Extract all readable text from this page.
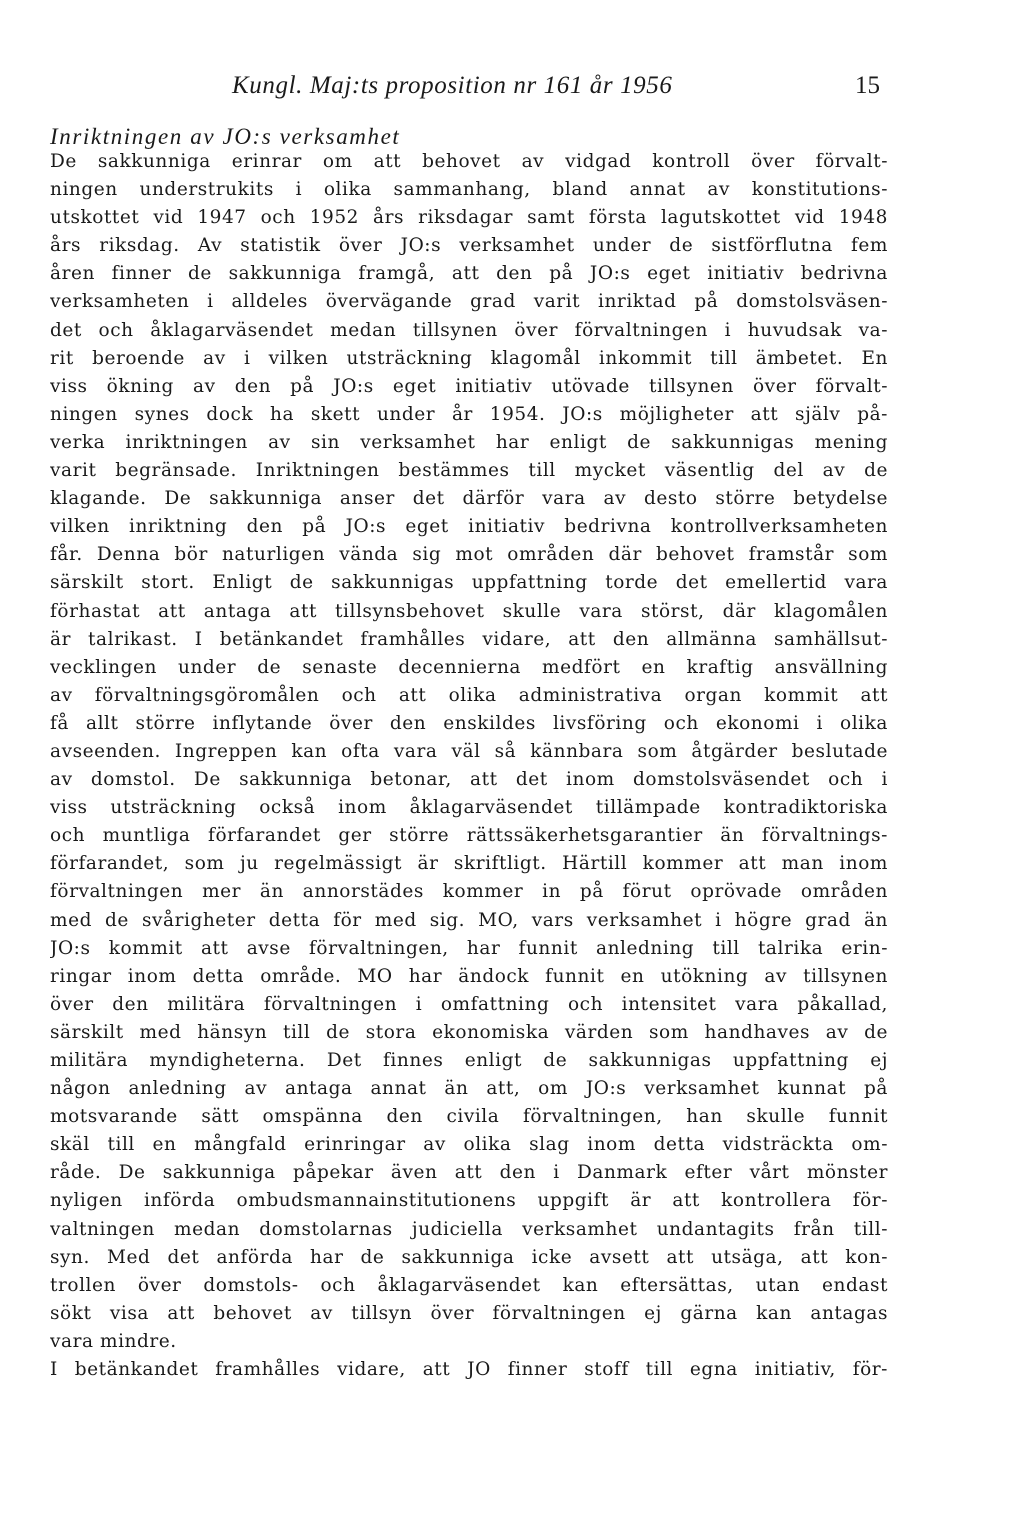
Kungl. Maj:ts proposition nr 161 år 1956	15
Inriktningen av JO:s verksamhet
De sakkunniga erinrar om att behovet av vidgad kontroll över förvalt-
ningen understrukits i olika sammanhang, bland annat av konstitutions-
utskottet vid 1947 och 1952 års riksdagar samt första lagutskottet vid 1948
års riksdag. Av statistik över JO:s verksamhet under de sistförflutna fem
åren finner de sakkunniga framgå, att den på JO:s eget initiativ bedrivna
verksamheten i alldeles övervägande grad varit inriktad på domstolsväsen-
det och åklagarväsendet medan tillsynen över förvaltningen i huvudsak va-
rit beroende av i vilken utsträckning klagomål inkommit till ämbetet. En
viss ökning av den på JO:s eget initiativ utövade tillsynen över förvalt-
ningen synes dock ha skett under år 1954. JO:s möjligheter att själv på-
verka inriktningen av sin verksamhet har enligt de sakkunnigas mening
varit begränsade. Inriktningen bestämmes till mycket väsentlig del av de
klagande. De sakkunniga anser det därför vara av desto större betydelse
vilken inriktning den på JO:s eget initiativ bedrivna kontrollverksamheten
får. Denna bör naturligen vända sig mot områden där behovet framstår som
särskilt stort. Enligt de sakkunnigas uppfattning torde det emellertid vara
förhastat att antaga att tillsynsbehovet skulle vara störst, där klagomålen
är talrikast. I betänkandet framhålles vidare, att den allmänna samhällsut-
vecklingen under de senaste decennierna medfört en kraftig ansvällning
av förvaltningsgöromålen och att olika administrativa organ kommit att
få allt större inflytande över den enskildes livsföring och ekonomi i olika
avseenden. Ingreppen kan ofta vara väl så kännbara som åtgärder beslutade
av domstol. De sakkunniga betonar, att det inom domstolsväsendet och i
viss utsträckning också inom åklagarväsendet tillämpade kontradiktoriska
och muntliga förfarandet ger större rättssäkerhetsgarantier än förvaltnings-
förfarandet, som ju regelmässigt är skriftligt. Härtill kommer att man inom
förvaltningen mer än annorstädes kommer in på förut oprövade områden
med de svårigheter detta för med sig. MO, vars verksamhet i högre grad än
JO:s kommit att avse förvaltningen, har funnit anledning till talrika erin-
ringar inom detta område. MO har ändock funnit en utökning av tillsynen
över den militära förvaltningen i omfattning och intensitet vara påkallad,
särskilt med hänsyn till de stora ekonomiska värden som handhaves av de
militära myndigheterna. Det finnes enligt de sakkunnigas uppfattning ej
någon anledning av antaga annat än att, om JO:s verksamhet kunnat på
motsvarande sätt omspänna den civila förvaltningen, han skulle funnit
skäl till en mångfald erinringar av olika slag inom detta vidsträckta om-
råde. De sakkunniga påpekar även att den i Danmark efter vårt mönster
nyligen införda ombudsmannainstitutionens uppgift är att kontrollera för-
valtningen medan domstolarnas judiciella verksamhet undantagits från till-
syn. Med det anförda har de sakkunniga icke avsett att utsäga, att kon-
trollen över domstols- och åklagarväsendet kan eftersättas, utan endast
sökt visa att behovet av tillsyn över förvaltningen ej gärna kan antagas
vara mindre.
I betänkandet framhålles vidare, att JO finner stoff till egna initiativ, för-
